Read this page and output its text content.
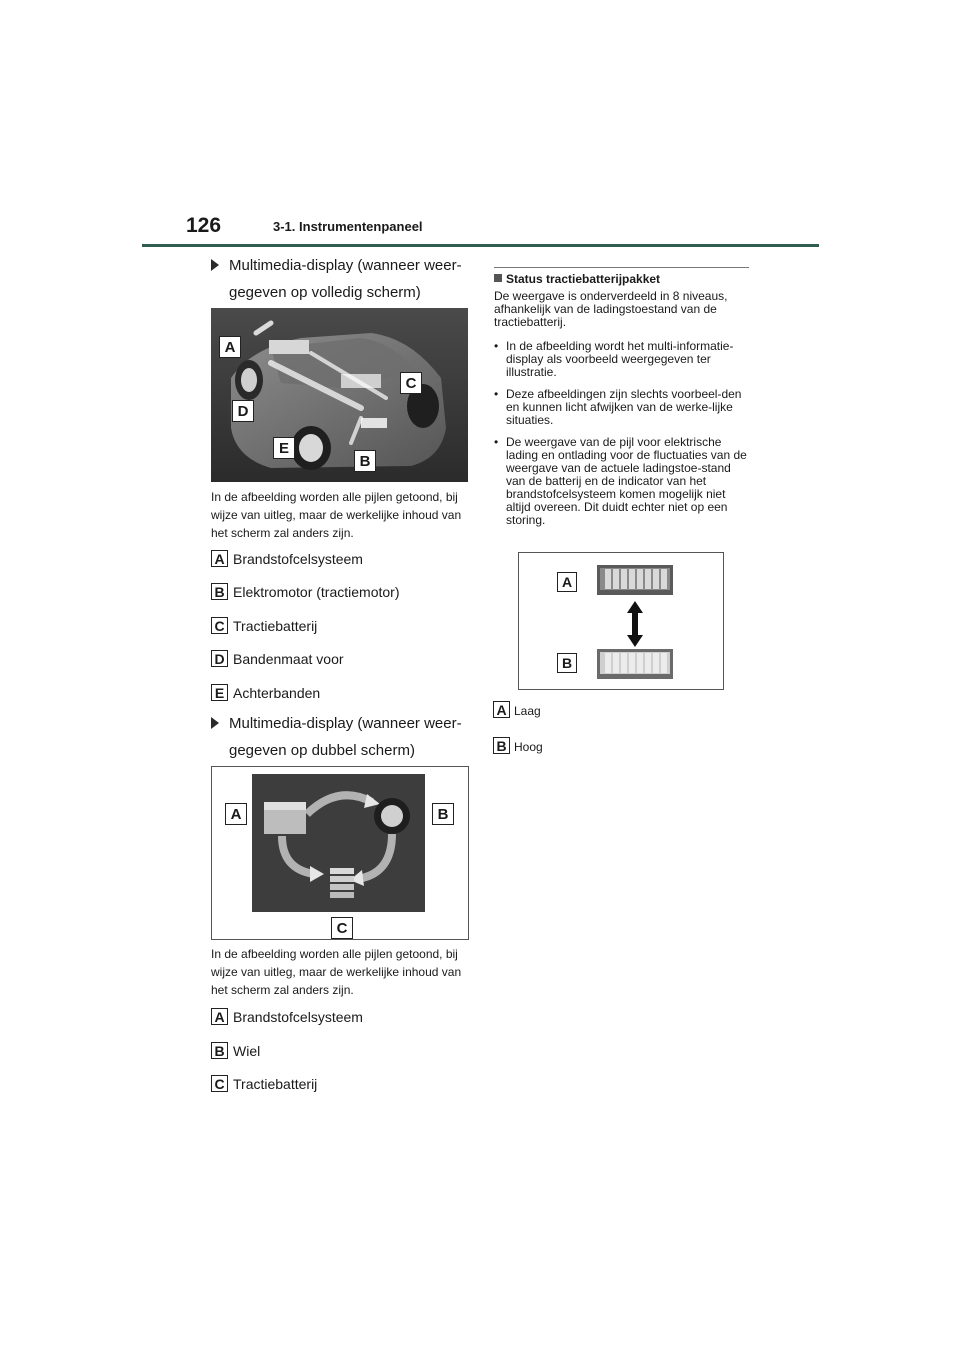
126	3-1. Instrumentenpaneel
Multimedia-display (wanneer weer-gegeven op volledig scherm)
A
C
D
E
B
In de afbeelding worden alle pijlen getoond, bij wijze van uitleg, maar de werkelijke inhoud van het scherm zal anders zijn.
A Brandstofcelsysteem
B Elektromotor (tractiemotor)
C Tractiebatterij
D Bandenmaat voor
E Achterbanden
Multimedia-display (wanneer weer-gegeven op dubbel scherm)
A	B
C
In de afbeelding worden alle pijlen getoond, bij wijze van uitleg, maar de werkelijke inhoud van het scherm zal anders zijn.
A Brandstofcelsysteem
B Wiel
C Tractiebatterij
Status tractiebatterijpakket
De weergave is onderverdeeld in 8 niveaus, afhankelijk van de ladingstoestand van de tractiebatterij.
• In de afbeelding wordt het multi-informatie-display als voorbeeld weergegeven ter illustratie.
• Deze afbeeldingen zijn slechts voorbeel-den en kunnen licht afwijken van de werke-lijke situaties.
• De weergave van de pijl voor elektrische lading en ontlading voor de fluctuaties van de weergave van de actuele ladingstoe-stand van de batterij en de indicator van het brandstofcelsysteem komen mogelijk niet altijd overeen. Dit duidt echter niet op een storing.
A
B
A Laag
B Hoog
